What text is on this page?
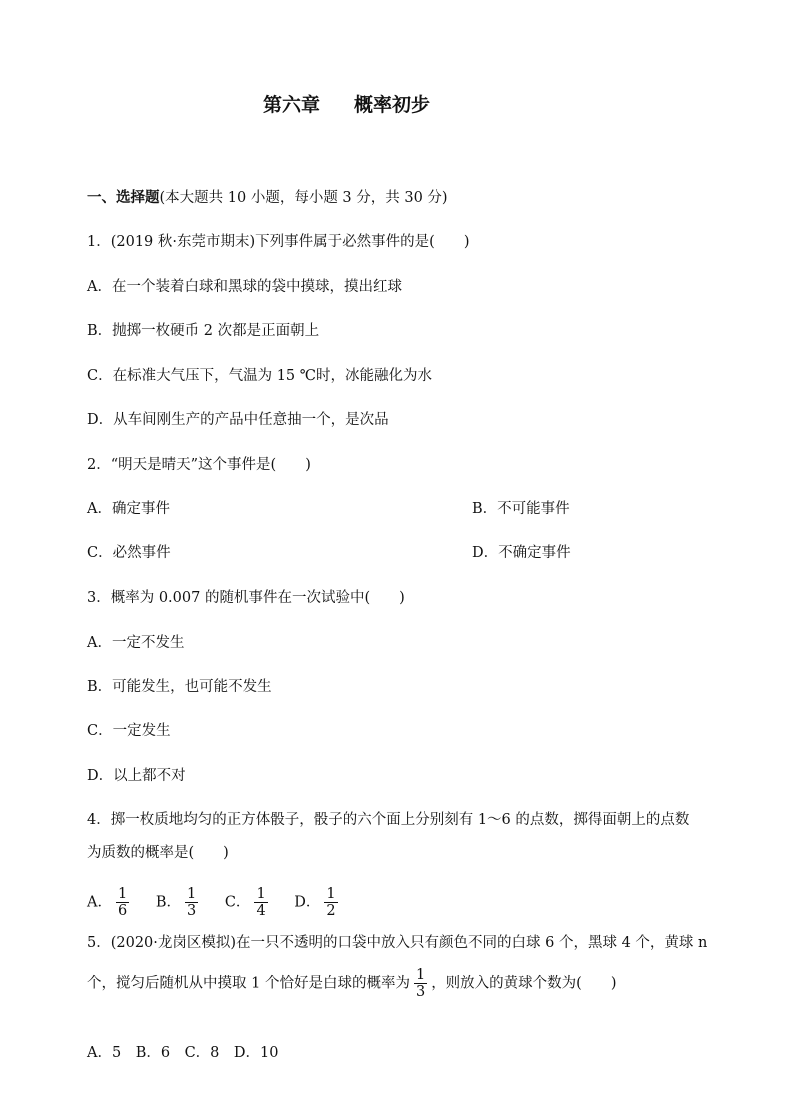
第六章 概率初步
一、选择题(本大题共 10 小题，每小题 3 分，共 30 分)
1．(2019 秋·东莞市期末)下列事件属于必然事件的是(　　)
A．在一个装着白球和黑球的袋中摸球，摸出红球
B．抛掷一枚硬币 2 次都是正面朝上
C．在标准大气压下，气温为 15 ℃时，冰能融化为水
D．从车间刚生产的产品中任意抽一个，是次品
2．“明天是晴天”这个事件是(　　)
A．确定事件	B．不可能事件
C．必然事件	D．不确定事件
3．概率为 0.007 的随机事件在一次试验中(　　)
A．一定不发生
B．可能发生，也可能不发生
C．一定发生
D．以上都不对
4．掷一枚质地均匀的正方体骰子，骰子的六个面上分别刻有 1～6 的点数，掷得面朝上的点数
为质数的概率是(　　)
A． $\frac{1}{6}$ B． $\frac{1}{3}$ C． $\frac{1}{4}$ D． $\frac{1}{2}$
5．(2020·龙岗区模拟)在一只不透明的口袋中放入只有颜色不同的白球 6 个，黑球 4 个，黄球 n
个，搅匀后随机从中摸取 1 个恰好是白球的概率为 $\frac{1}{3}$ ，则放入的黄球个数为(　　)
A．5　B．6　C．8　D．10
